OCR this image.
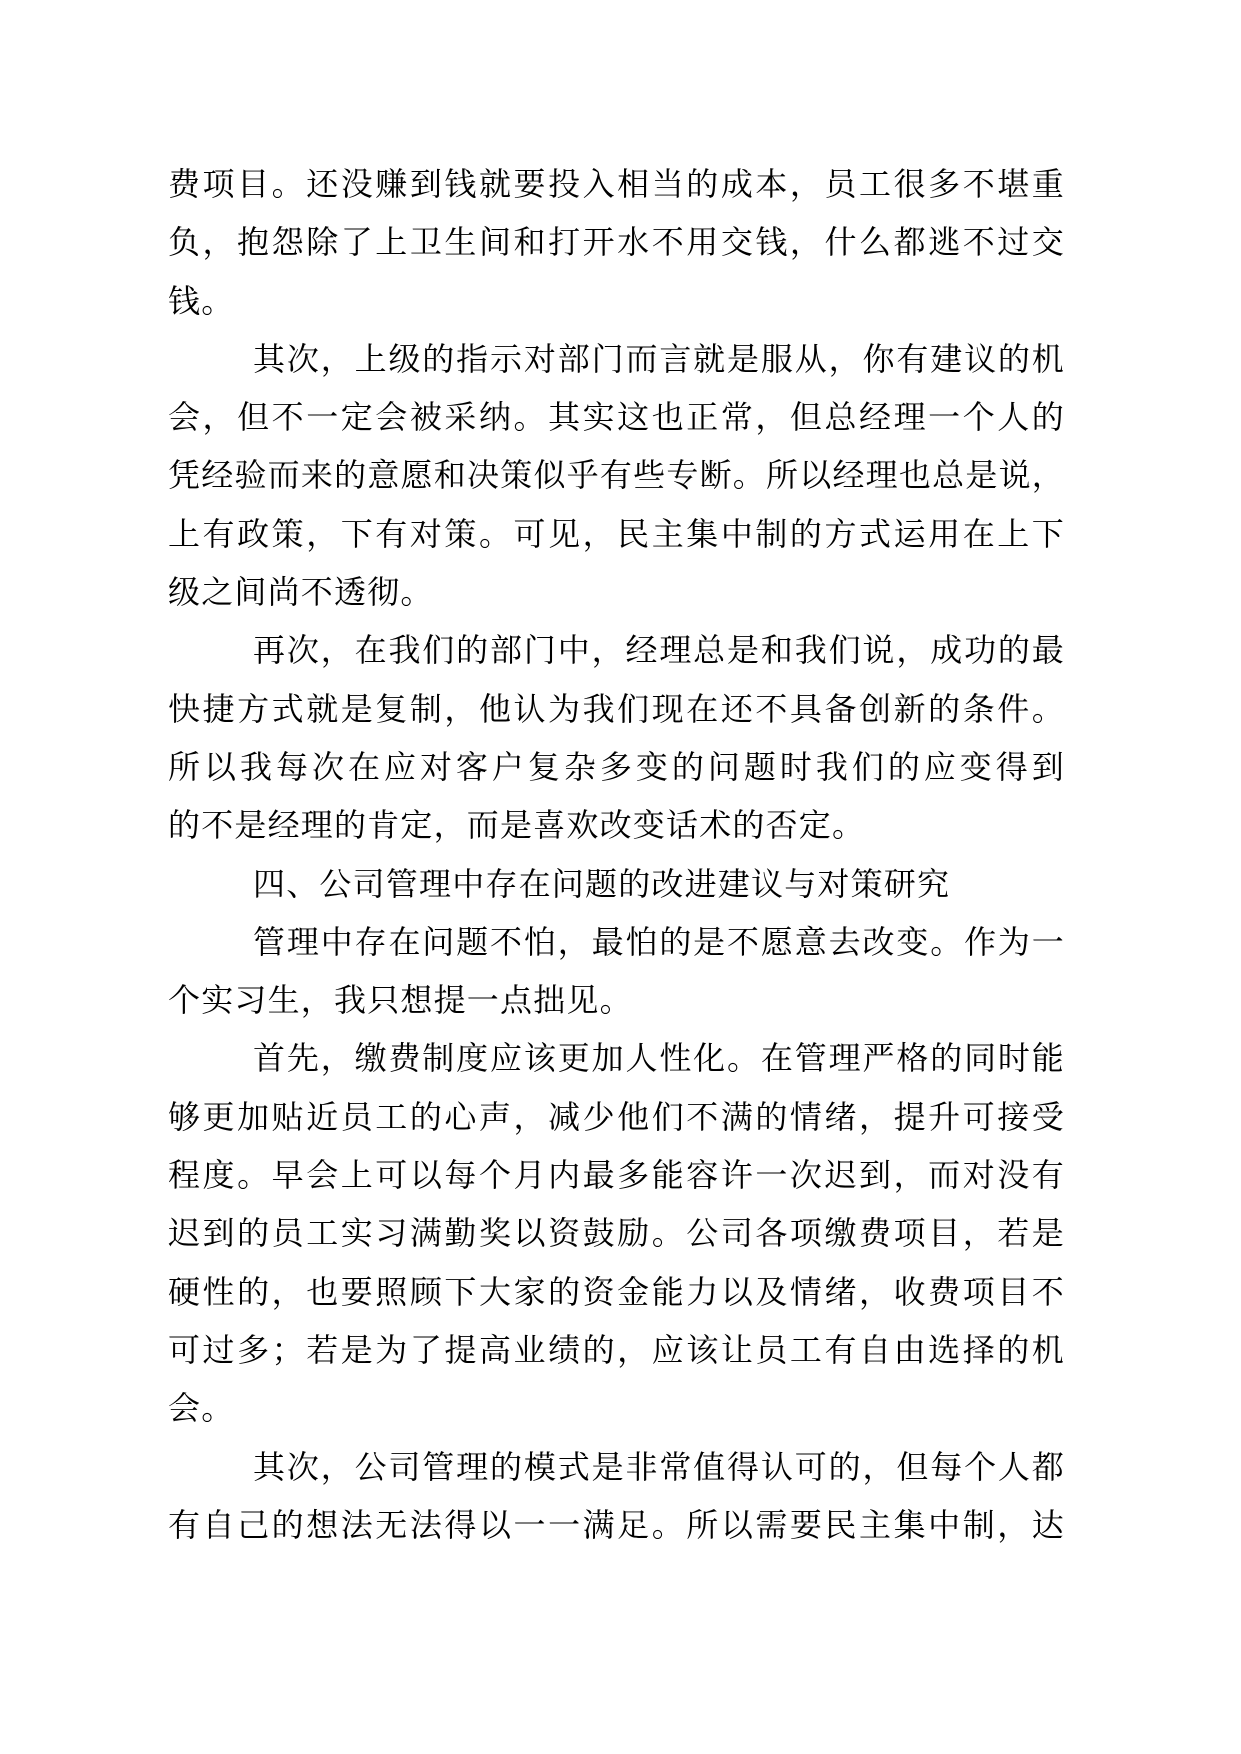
费项目。还没赚到钱就要投入相当的成本，员工很多不堪重
负，抱怨除了上卫生间和打开水不用交钱，什么都逃不过交
钱。
其次，上级的指示对部门而言就是服从，你有建议的机
会，但不一定会被采纳。其实这也正常，但总经理一个人的
凭经验而来的意愿和决策似乎有些专断。所以经理也总是说，
上有政策，下有对策。可见，民主集中制的方式运用在上下
级之间尚不透彻。
再次，在我们的部门中，经理总是和我们说，成功的最
快捷方式就是复制，他认为我们现在还不具备创新的条件。
所以我每次在应对客户复杂多变的问题时我们的应变得到
的不是经理的肯定，而是喜欢改变话术的否定。
四、公司管理中存在问题的改进建议与对策研究
管理中存在问题不怕，最怕的是不愿意去改变。作为一
个实习生，我只想提一点拙见。
首先，缴费制度应该更加人性化。在管理严格的同时能
够更加贴近员工的心声，减少他们不满的情绪，提升可接受
程度。早会上可以每个月内最多能容许一次迟到，而对没有
迟到的员工实习满勤奖以资鼓励。公司各项缴费项目，若是
硬性的，也要照顾下大家的资金能力以及情绪，收费项目不
可过多；若是为了提高业绩的，应该让员工有自由选择的机
会。
其次，公司管理的模式是非常值得认可的，但每个人都
有自己的想法无法得以一一满足。所以需要民主集中制，达
